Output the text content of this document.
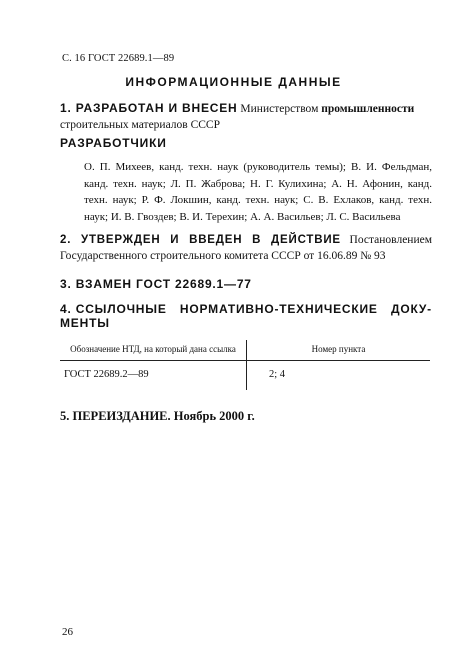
С. 16 ГОСТ 22689.1—89
ИНФОРМАЦИОННЫЕ ДАННЫЕ
1. РАЗРАБОТАН И ВНЕСЕН Министерством промышленности строительных материалов СССР
РАЗРАБОТЧИКИ

О. П. Михеев, канд. техн. наук (руководитель темы); В. И. Фельдман, канд. техн. наук; Л. П. Жаброва; Н. Г. Кулихина; А. Н. Афонин, канд. техн. наук; Р. Ф. Локшин, канд. техн. наук; С. В. Ехлаков, канд. техн. наук; И. В. Гвоздев; В. И. Терехин; А. А. Васильев; Л. С. Васильева

2. УТВЕРЖДЕН И ВВЕДЕН В ДЕЙСТВИЕ Постановлением Государственного строительного комитета СССР от 16.06.89 № 93
3. ВЗАМЕН ГОСТ 22689.1—77
4. ССЫЛОЧНЫЕ НОРМАТИВНО-ТЕХНИЧЕСКИЕ ДОКУ-
МЕНТЫ
Обозначение НТД, на который дана ссылка	Номер пункта
ГОСТ 22689.2—89	2; 4
5. ПЕРЕИЗДАНИЕ. Ноябрь 2000 г.
26
